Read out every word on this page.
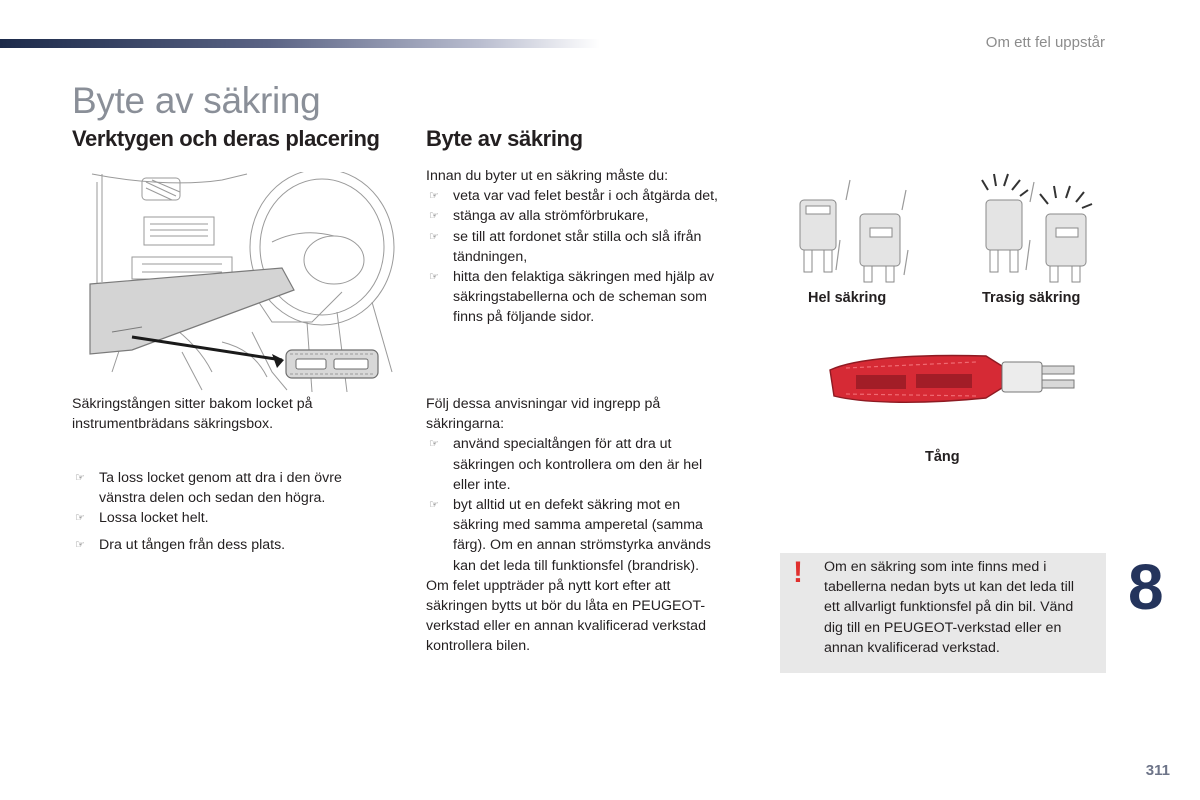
Om ett fel uppstår
Byte av säkring
Verktygen och deras placering

Säkringstången sitter bakom locket på

instrumentbrädans säkringsbox.

☞ Ta loss locket genom att dra i den övre

vänstra delen och sedan den högra.

☞ Lossa locket helt.

☞ Dra ut tången från dess plats.

Byte av säkring

Innan du byter ut en säkring måste du:

☞ veta var vad felet består i och åtgärda det,

☞ stänga av alla strömförbrukare,

☞ se till att fordonet står stilla och slå ifrån

tändningen,

☞ hitta den felaktiga säkringen med hjälp av

säkringstabellerna och de scheman som

finns på följande sidor.

Följ dessa anvisningar vid ingrepp på

säkringarna:

☞ använd specialtången för att dra ut

säkringen och kontrollera om den är hel

eller inte.

☞ byt alltid ut en defekt säkring mot en

säkring med samma amperetal (samma

färg). Om en annan strömstyrka används

kan det leda till funktionsfel (brandrisk).

Om felet uppträder på nytt kort efter att

säkringen bytts ut bör du låta en PEUGEOT-

verkstad eller en annan kvalificerad verkstad

kontrollera bilen.

Hel säkring	Trasig säkring
Tång
! Om en säkring som inte finns med i
tabellerna nedan byts ut kan det leda till
ett allvarligt funktionsfel på din bil. Vänd
dig till en PEUGEOT-verkstad eller en
annan kvalificerad verkstad.
8
311
